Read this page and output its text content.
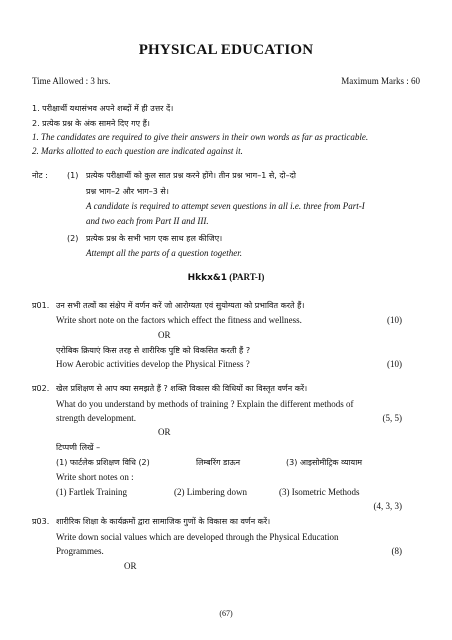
PHYSICAL EDUCATION
Time Allowed : 3 hrs.	Maximum Marks : 60
1. परीक्षार्थी यथासंभव अपने शब्दों में ही उत्तर दें।
2. प्रत्येक प्रश्न के अंक सामने दिए गए हैं।
1. The candidates are required to give their answers in their own words as far as practicable.
2. Marks allotted to each question are indicated against it.
नोट : (1) प्रत्येक परीक्षार्थी को कुल सात प्रश्न करने होंगे। तीन प्रश्न भाग–1 से, दो–दो
प्रश्न भाग–2 और भाग–3 से।
A candidate is required to attempt seven questions in all i.e. three from Part-I
and two each from Part II and III.
(2) प्रत्येक प्रश्न के सभी भाग एक साथ हल कीजिए।
Attempt all the parts of a question together.
Hkkx&1 (PART-I)
प्र01. उन सभी तत्वों का संक्षेप में वर्णन करें जो आरोग्यता एवं सुयोग्यता को प्रभावित करते हैं।
Write short note on the factors which effect the fitness and wellness.	(10)
OR
एरोबिक क्रियाएं किस तरह से शारीरिक पुष्टि को विकसित करती हैं ?
How Aerobic activities develop the Physical Fitness ?	(10)
प्र02. खेल प्रशिक्षण से आप क्या समझते हैं ? शक्ति विकास की विधियों का विस्तृत वर्णन करें।
What do you understand by methods of training ? Explain the different methods of
strength development.	(5, 5)
OR
टिप्पणी लिखें –
(1) फार्टलेक प्रशिक्षण विधि (2)	लिम्बरिंग डाऊन	(3) आइसोमीट्रिक व्यायाम
Write short notes on :
(1) Fartlek Training	(2) Limbering down	(3) Isometric Methods
(4, 3, 3)
प्र03. शारीरिक शिक्षा के कार्यक्रमों द्वारा सामाजिक गुणों के विकास का वर्णन करें।
Write down social values which are developed through the Physical Education
Programmes.	(8)
OR
(67)
